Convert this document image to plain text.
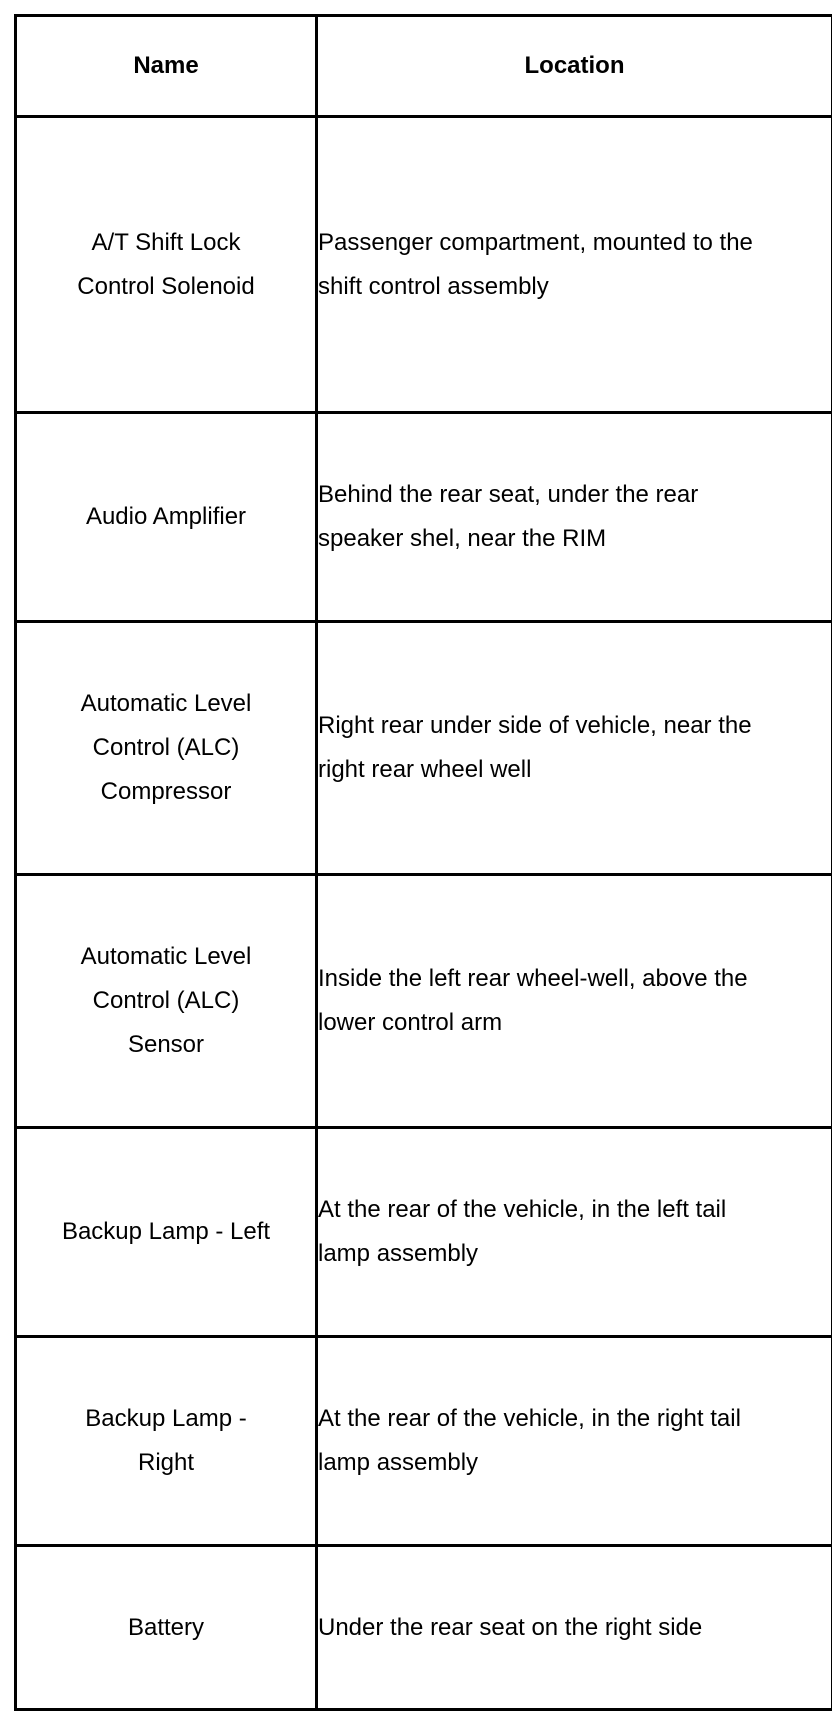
Name	Location
A/T Shift Lock
Control Solenoid	Passenger compartment, mounted to the shift control assembly

Audio Amplifier	Behind the rear seat, under the rear speaker shel, near the RIM

Automatic Level
Control (ALC)
Compressor	Right rear under side of vehicle, near the right rear wheel well

Automatic Level
Control (ALC)
Sensor	Inside the left rear wheel-well, above the lower control arm

Backup Lamp - Left	At the rear of the vehicle, in the left tail lamp assembly

Backup Lamp -
Right	At the rear of the vehicle, in the right tail lamp assembly

Battery	Under the rear seat on the right side
